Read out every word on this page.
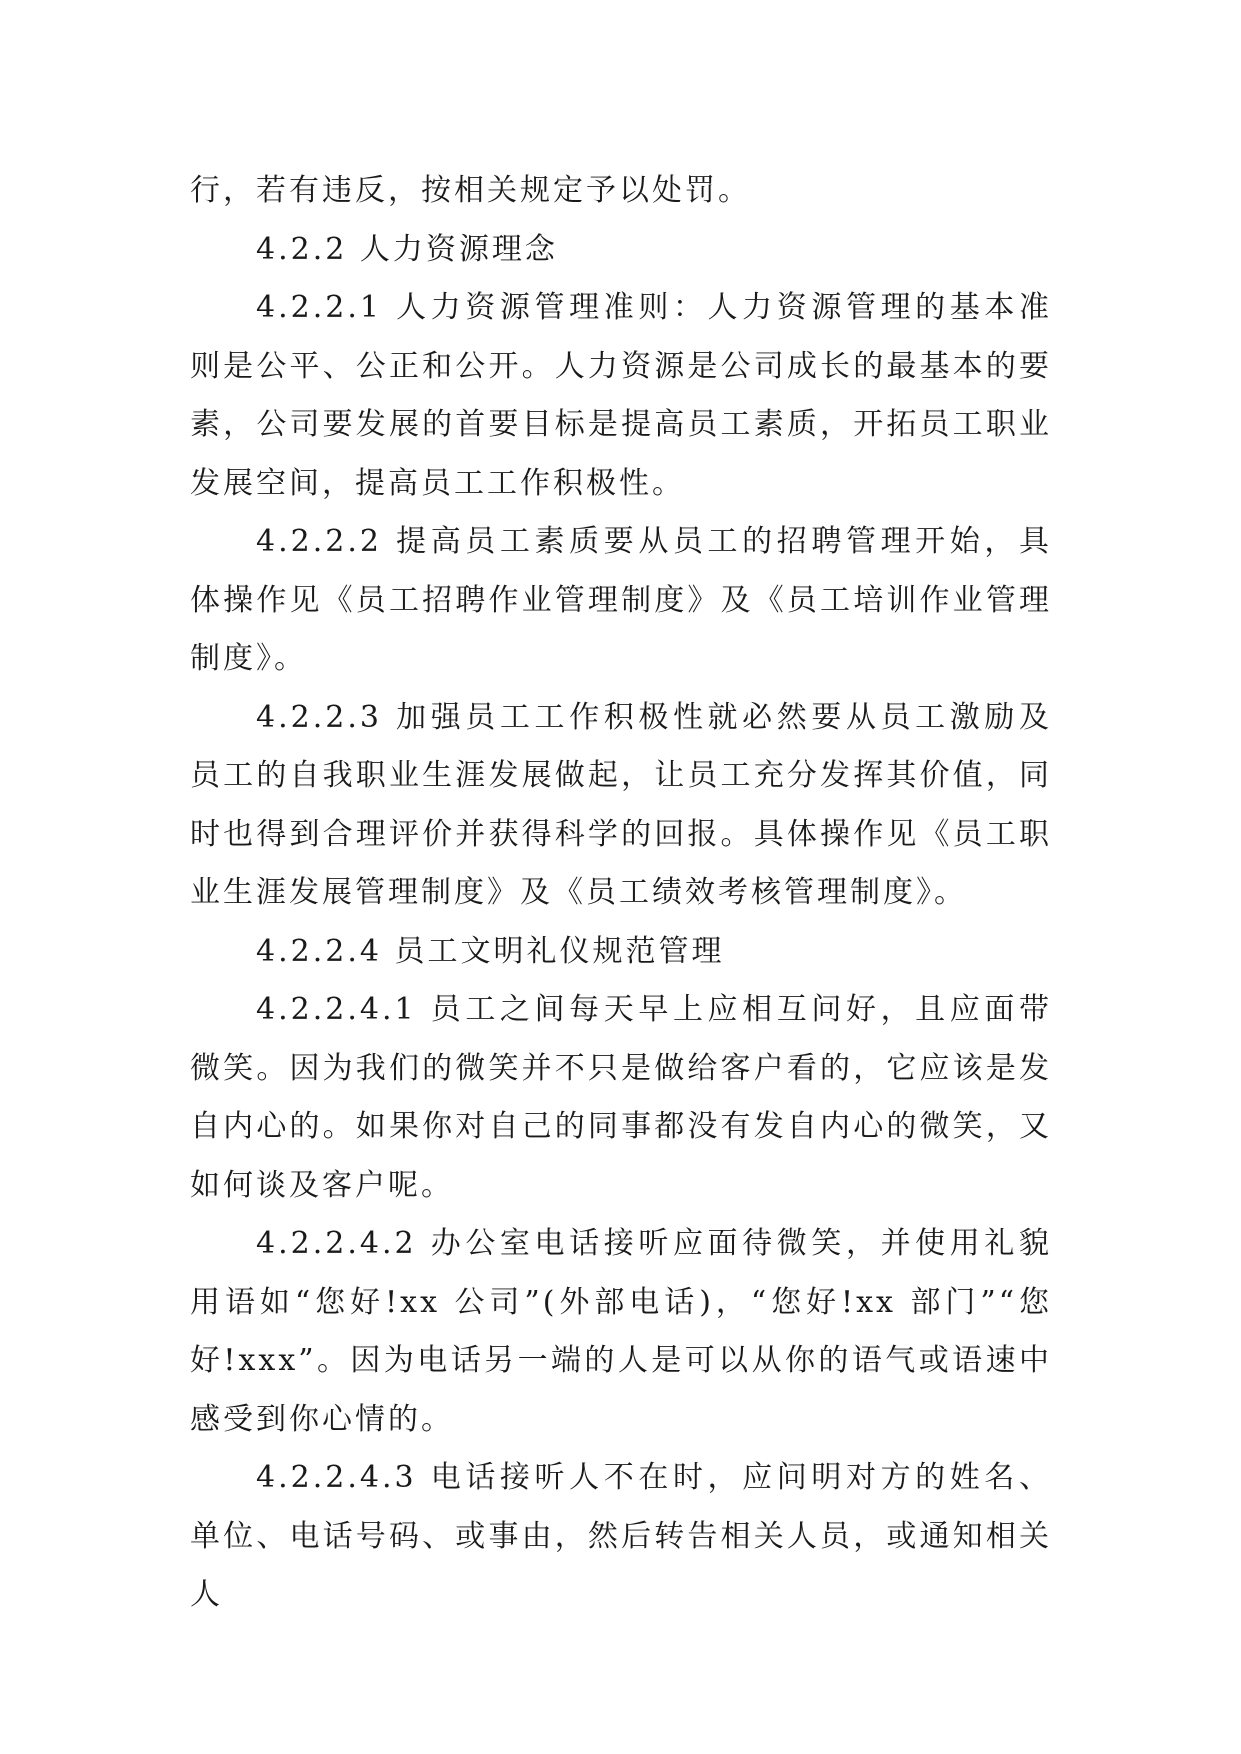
行，若有违反，按相关规定予以处罚。

4.2.2 人力资源理念

4.2.2.1 人力资源管理准则：人力资源管理的基本准则是公平、公正和公开。人力资源是公司成长的最基本的要素，公司要发展的首要目标是提高员工素质，开拓员工职业发展空间，提高员工工作积极性。

4.2.2.2 提高员工素质要从员工的招聘管理开始，具体操作见《员工招聘作业管理制度》及《员工培训作业管理制度》。

4.2.2.3 加强员工工作积极性就必然要从员工激励及员工的自我职业生涯发展做起，让员工充分发挥其价值，同时也得到合理评价并获得科学的回报。具体操作见《员工职业生涯发展管理制度》及《员工绩效考核管理制度》。

4.2.2.4 员工文明礼仪规范管理

4.2.2.4.1 员工之间每天早上应相互问好，且应面带微笑。因为我们的微笑并不只是做给客户看的，它应该是发自内心的。如果你对自己的同事都没有发自内心的微笑，又如何谈及客户呢。

4.2.2.4.2 办公室电话接听应面待微笑，并使用礼貌用语如“您好!xx 公司”(外部电话)，“您好!xx 部门”“您好!xxx”。因为电话另一端的人是可以从你的语气或语速中感受到你心情的。

4.2.2.4.3 电话接听人不在时，应问明对方的姓名、单位、电话号码、或事由，然后转告相关人员，或通知相关人
